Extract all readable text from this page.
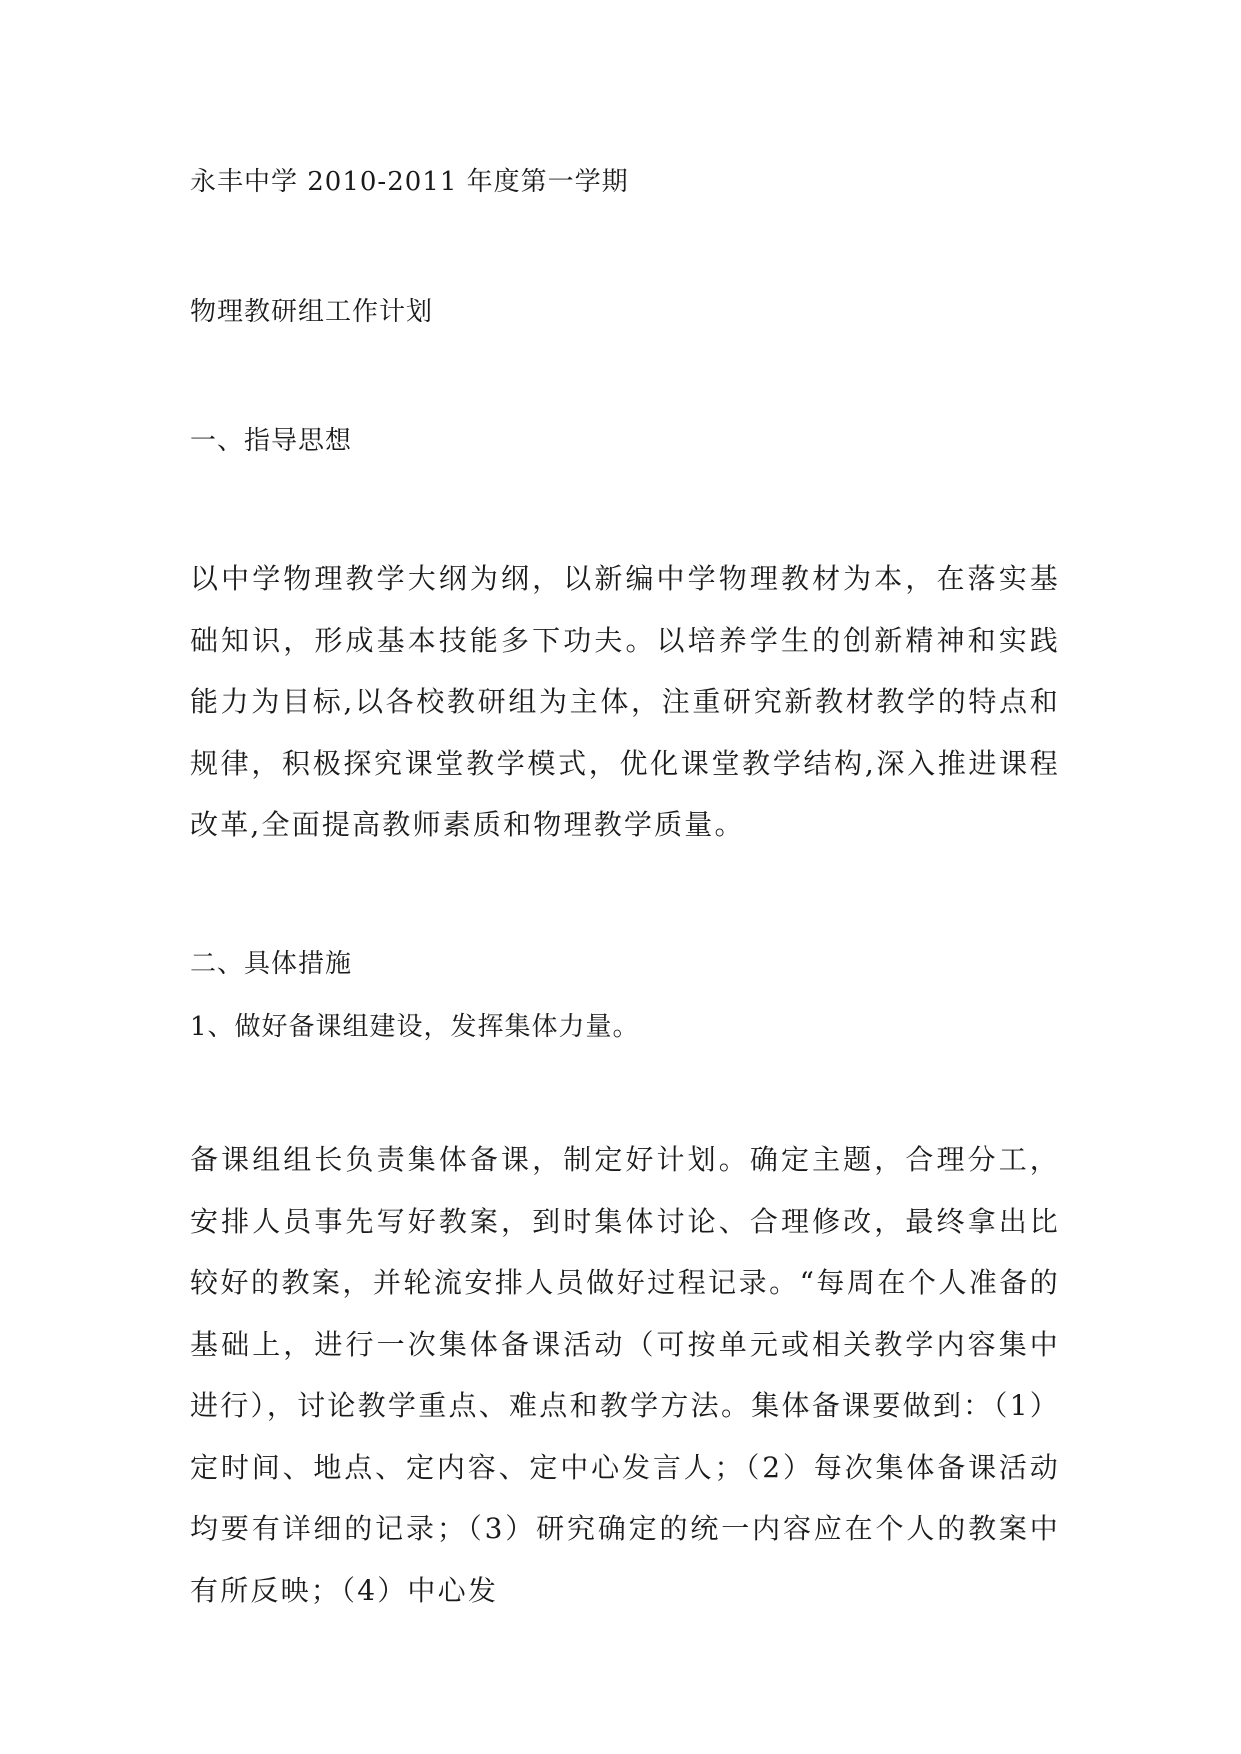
永丰中学 2010-2011 年度第一学期
物理教研组工作计划
一、指导思想
以中学物理教学大纲为纲，以新编中学物理教材为本，在落实基础知识，形成基本技能多下功夫。以培养学生的创新精神和实践能力为目标,以各校教研组为主体，注重研究新教材教学的特点和规律，积极探究课堂教学模式，优化课堂教学结构,深入推进课程改革,全面提高教师素质和物理教学质量。
二、具体措施
1、做好备课组建设，发挥集体力量。
备课组组长负责集体备课，制定好计划。确定主题，合理分工，安排人员事先写好教案，到时集体讨论、合理修改，最终拿出比较好的教案，并轮流安排人员做好过程记录。“每周在个人准备的基础上，进行一次集体备课活动（可按单元或相关教学内容集中进行），讨论教学重点、难点和教学方法。集体备课要做到：（1）定时间、地点、定内容、定中心发言人；（2）每次集体备课活动均要有详细的记录；（3）研究确定的统一内容应在个人的教案中有所反映；（4）中心发
